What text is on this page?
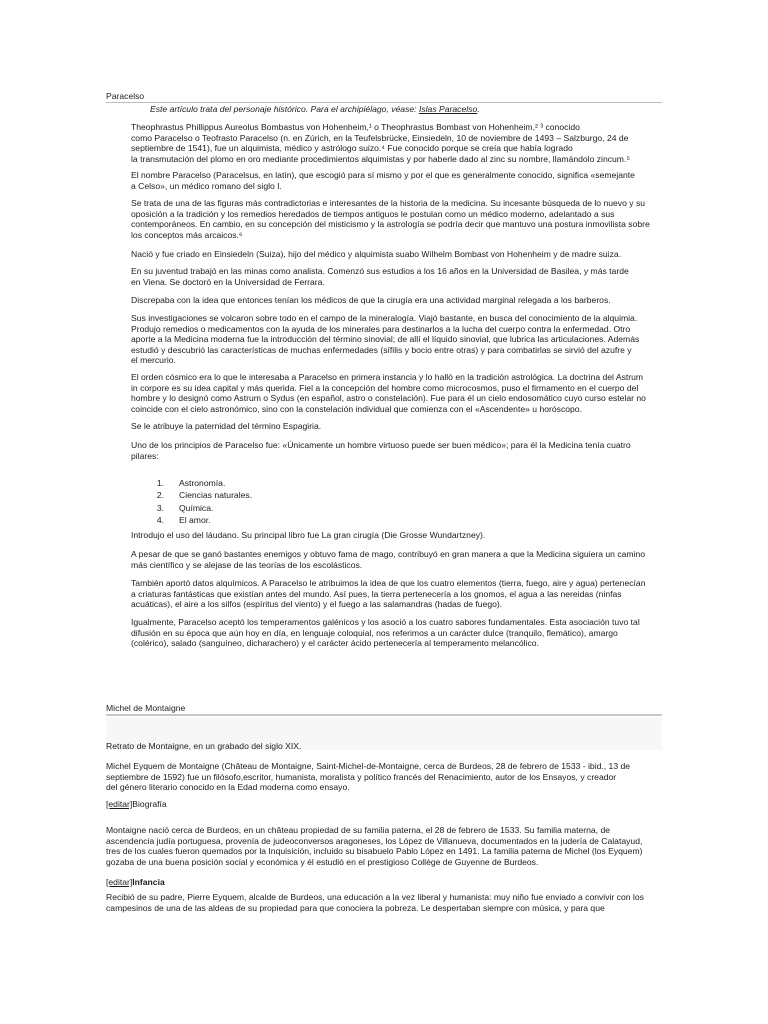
Paracelso
Este artículo trata del personaje histórico. Para el archipiélago, véase: Islas Paracelso.
Theophrastus Phillippus Aureolus Bombastus von Hohenheim,¹ o Theophrastus Bombast von Hohenheim,² ³ conocido
como Paracelso o Teofrasto Paracelso (n. en Zúrich, en la Teufelsbrücke, Einsiedeln, 10 de noviembre de 1493 – Salzburgo, 24 de
septiembre de 1541), fue un alquimista, médico y astrólogo suizo.⁴ Fue conocido porque se creía que había logrado
la transmutación del plomo en oro mediante procedimientos alquimistas y por haberle dado al zinc su nombre, llamándolo zincum.⁵
El nombre Paracelso (Paracelsus, en latín), que escogió para sí mismo y por el que es generalmente conocido, significa «semejante
a Celso», un médico romano del siglo I.
Se trata de una de las figuras más contradictorias e interesantes de la historia de la medicina. Su incesante búsqueda de lo nuevo y su
oposición a la tradición y los remedios heredados de tiempos antiguos le postulan como un médico moderno, adelantado a sus
contemporáneos. En cambio, en su concepción del misticismo y la astrología se podría decir que mantuvo una postura inmovilista sobre
los conceptos más arcaicos.⁶
Nació y fue criado en Einsiedeln (Suiza), hijo del médico y alquimista suabo Wilhelm Bombast von Hohenheim y de madre suiza.
En su juventud trabajó en las minas como analista. Comenzó sus estudios a los 16 años en la Universidad de Basilea, y más tarde
en Viena. Se doctoró en la Universidad de Ferrara.
Discrepaba con la idea que entonces tenían los médicos de que la cirugía era una actividad marginal relegada a los barberos.
Sus investigaciones se volcaron sobre todo en el campo de la mineralogía. Viajó bastante, en busca del conocimiento de la alquimia.
Produjo remedios o medicamentos con la ayuda de los minerales para destinarlos a la lucha del cuerpo contra la enfermedad. Otro
aporte a la Medicina moderna fue la introducción del término sinovial; de allí el líquido sinovial, que lubrica las articulaciones. Además
estudió y descubrió las características de muchas enfermedades (sífilis y bocio entre otras) y para combatirlas se sirvió del azufre y
el mercurio.
El orden cósmico era lo que le interesaba a Paracelso en primera instancia y lo halló en la tradición astrológica. La doctrina del Astrum
in corpore es su idea capital y más querida. Fiel a la concepción del hombre como microcosmos, puso el firmamento en el cuerpo del
hombre y lo designó como Astrum o Sydus (en español, astro o constelación). Fue para él un cielo endosomático cuyo curso estelar no
coincide con el cielo astronómico, sino con la constelación individual que comienza con el «Ascendente» u horóscopo.
Se le atribuye la paternidad del término Espagiria.
Uno de los principios de Paracelso fue: «Únicamente un hombre virtuoso puede ser buen médico»; para él la Medicina tenía cuatro
pilares:
1. Astronomía.
2. Ciencias naturales.
3. Química.
4. El amor.
Introdujo el uso del láudano. Su principal libro fue La gran cirugía (Die Grosse Wundartzney).
A pesar de que se ganó bastantes enemigos y obtuvo fama de mago, contribuyó en gran manera a que la Medicina siguiera un camino
más científico y se alejase de las teorías de los escolásticos.
También aportó datos alquímicos. A Paracelso le atribuimos la idea de que los cuatro elementos (tierra, fuego, aire y agua) pertenecían
a criaturas fantásticas que existían antes del mundo. Así pues, la tierra pertenecería a los gnomos, el agua a las nereidas (ninfas
acuáticas), el aire a los silfos (espíritus del viento) y el fuego a las salamandras (hadas de fuego).
Igualmente, Paracelso aceptó los temperamentos galénicos y los asoció a los cuatro sabores fundamentales. Esta asociación tuvo tal
difusión en su época que aún hoy en día, en lenguaje coloquial, nos referimos a un carácter dulce (tranquilo, flemático), amargo
(colérico), salado (sanguíneo, dicharachero) y el carácter ácido pertenecería al temperamento melancólico.
Michel de Montaigne
Retrato de Montaigne, en un grabado del siglo XIX.
Michel Eyquem de Montaigne (Château de Montaigne, Saint-Michel-de-Montaigne, cerca de Burdeos, 28 de febrero de 1533 - ibid., 13 de
septiembre de 1592) fue un filósofo,escritor, humanista, moralista y político francés del Renacimiento, autor de los Ensayos, y creador
del género literario conocido en la Edad moderna como ensayo.
[editar]Biografía
Montaigne nació cerca de Burdeos, en un château propiedad de su familia paterna, el 28 de febrero de 1533. Su familia materna, de
ascendencia judía portuguesa, provenía de judeoconversos aragoneses, los López de Villanueva, documentados en la judería de Calatayud,
tres de los cuales fueron quemados por la Inquisición, incluido su bisabuelo Pablo López en 1491. La familia paterna de Michel (los Eyquem)
gozaba de una buena posición social y económica y él estudió en el prestigioso Collège de Guyenne de Burdeos.
[editar]Infancia
Recibió de su padre, Pierre Eyquem, alcalde de Burdeos, una educación a la vez liberal y humanista: muy niño fue enviado a convivir con los
campesinos de una de las aldeas de su propiedad para que conociera la pobreza. Le despertaban siempre con música, y para que
